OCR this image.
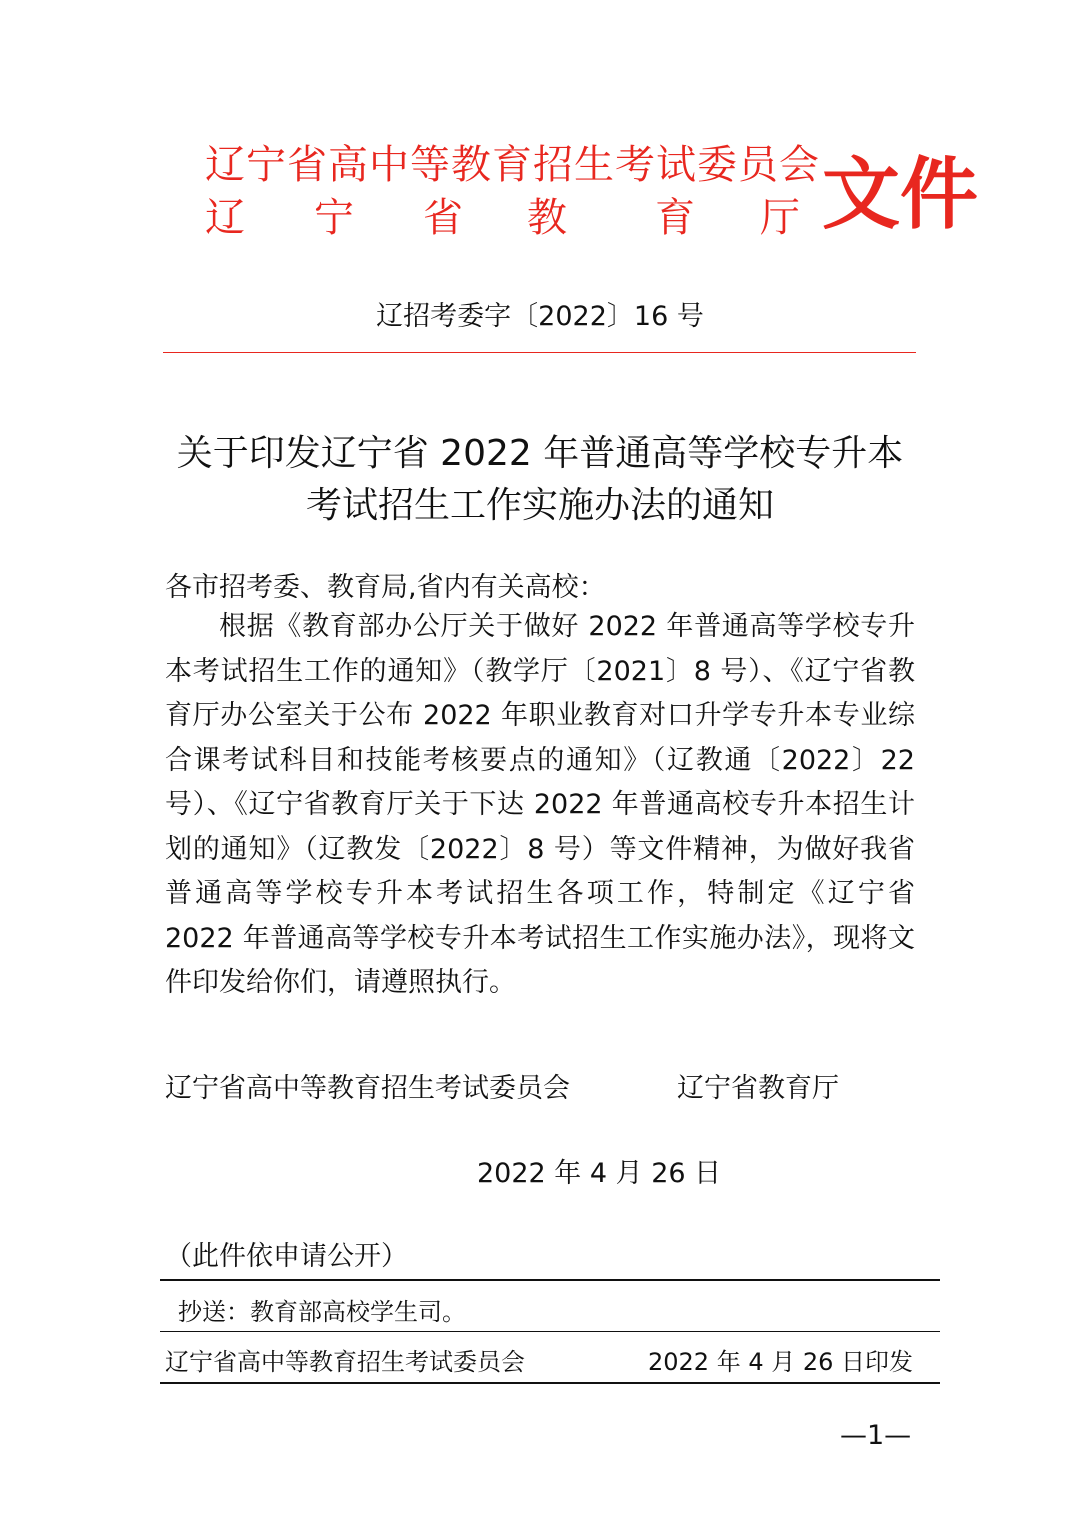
辽宁省高中等教育招生考试委员会
辽 宁 省 教 育 厅 文件
辽招考委字〔2022〕16 号
关于印发辽宁省 2022 年普通高等学校专升本
考试招生工作实施办法的通知
各市招考委、教育局,省内有关高校：
根据《教育部办公厅关于做好 2022 年普通高等学校专升本考试招生工作的通知》（教学厅〔2021〕8 号）、《辽宁省教育厅办公室关于公布 2022 年职业教育对口升学专升本专业综合课考试科目和技能考核要点的通知》（辽教通〔2022〕22 号）、《辽宁省教育厅关于下达 2022 年普通高校专升本招生计划的通知》（辽教发〔2022〕8 号）等文件精神，为做好我省普通高等学校专升本考试招生各项工作，特制定《辽宁省 2022 年普通高等学校专升本考试招生工作实施办法》，现将文件印发给你们，请遵照执行。
辽宁省高中等教育招生考试委员会	辽宁省教育厅
2022 年 4 月 26 日
（此件依申请公开）
抄送：教育部高校学生司。
辽宁省高中等教育招生考试委员会	2022 年 4 月 26 日印发
—1—
